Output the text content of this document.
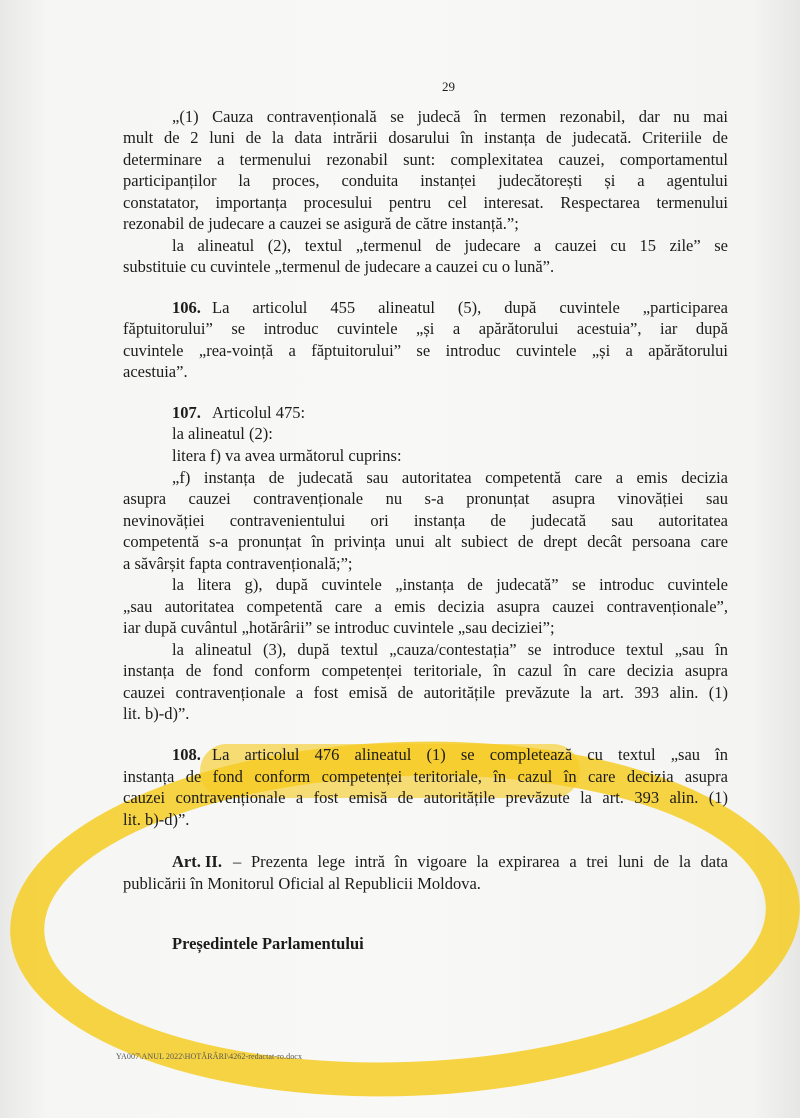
29

„(1) Cauza contravențională se judecă în termen rezonabil, dar nu mai

mult de 2 luni de la data intrării dosarului în instanța de judecată. Criteriile de

determinare a termenului rezonabil sunt: complexitatea cauzei, comportamentul

participanților la proces, conduita instanței judecătorești și a agentului

constatator, importanța procesului pentru cel interesat. Respectarea termenului

rezonabil de judecare a cauzei se asigură de către instanță.”;

la alineatul (2), textul „termenul de judecare a cauzei cu 15 zile” se

substituie cu cuvintele „termenul de judecare a cauzei cu o lună”.

106. La articolul 455 alineatul (5), după cuvintele „participarea

făptuitorului” se introduc cuvintele „și a apărătorului acestuia”, iar după

cuvintele „rea-voință a făptuitorului” se introduc cuvintele „și a apărătorului

acestuia”.

107. Articolul 475:

la alineatul (2):

litera f) va avea următorul cuprins:

„f) instanța de judecată sau autoritatea competentă care a emis decizia

asupra cauzei contravenționale nu s-a pronunțat asupra vinovăției sau

nevinovăției contravenientului ori instanța de judecată sau autoritatea

competentă s-a pronunțat în privința unui alt subiect de drept decât persoana care

a săvârșit fapta contravențională;”;

la litera g), după cuvintele „instanța de judecată” se introduc cuvintele

„sau autoritatea competentă care a emis decizia asupra cauzei contravenționale”,

iar după cuvântul „hotărârii” se introduc cuvintele „sau deciziei”;

la alineatul (3), după textul „cauza/contestația” se introduce textul „sau în

instanța de fond conform competenței teritoriale, în cazul în care decizia asupra

cauzei contravenționale a fost emisă de autoritățile prevăzute la art. 393 alin. (1)

lit. b)-d)”.

108. La articolul 476 alineatul (1) se completează cu textul „sau în

instanța de fond conform competenței teritoriale, în cazul în care decizia asupra

cauzei contravenționale a fost emisă de autoritățile prevăzute la art. 393 alin. (1)

lit. b)-d)”.

Art. II. – Prezenta lege intră în vigoare la expirarea a trei luni de la data

publicării în Monitorul Oficial al Republicii Moldova.

Președintele Parlamentului
YA007\ANUL 2022\HOTĂRÂRI\4262-redactat-ro.docx
